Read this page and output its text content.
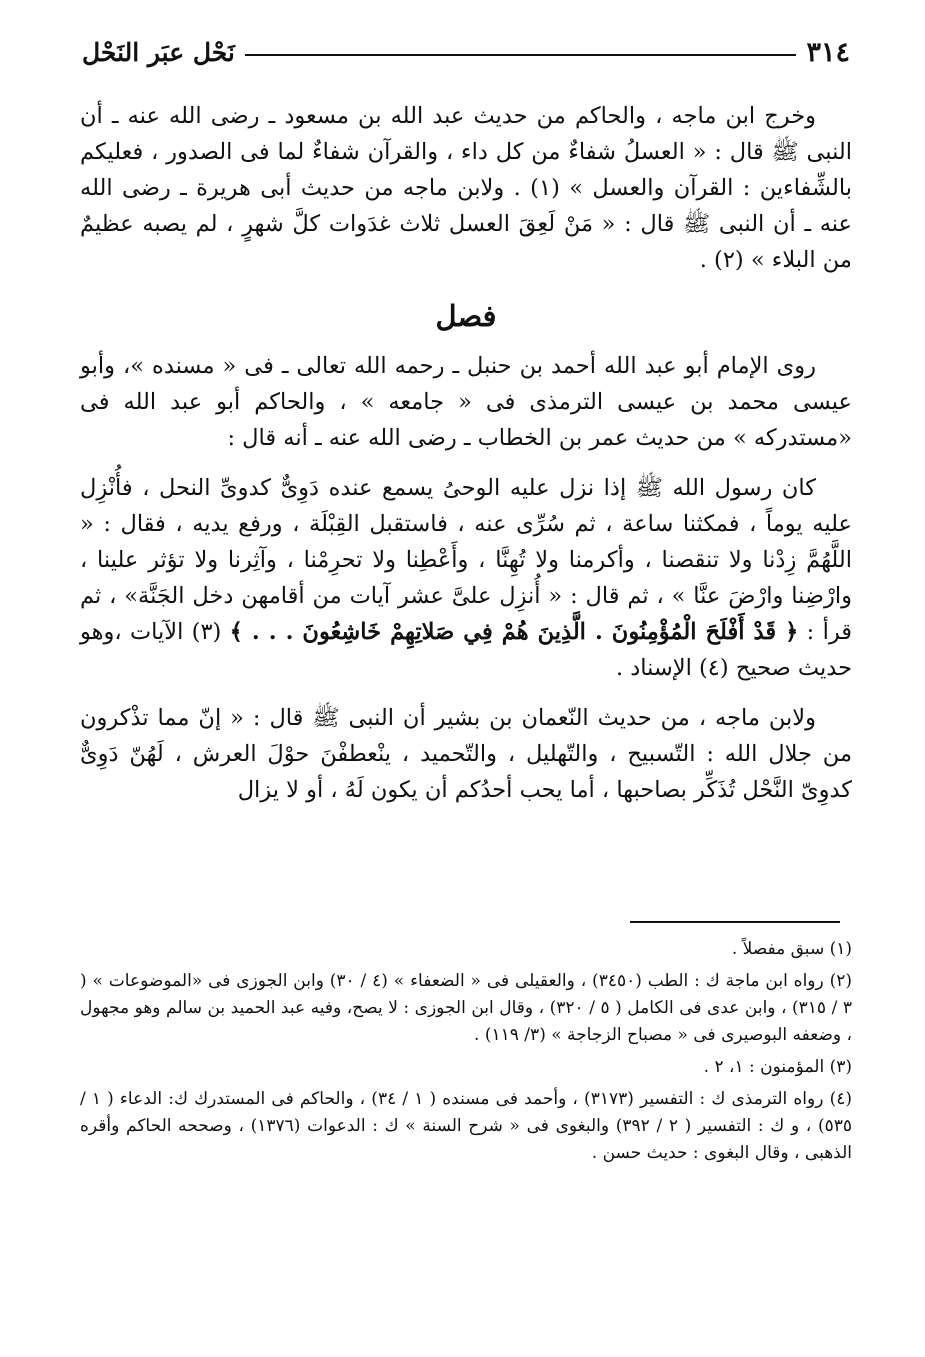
٣١٤
نَحْل عبَر النَحْل

وخرج ابن ماجه ، والحاكم من حديث عبد الله بن مسعود ـ رضى الله عنه ـ أن النبى ﷺ قال : « العسلُ شفاءٌ من كل داء ، والقرآن شفاءٌ لما فى الصدور ، فعليكم بالشِّفاءين : القرآن والعسل » (١) . ولابن ماجه من حديث أبى هريرة ـ رضى الله عنه ـ أن النبى ﷺ قال : « مَنْ لَعِقَ العسل ثلاث غدَوات كلَّ شهرٍ ، لم يصبه عظيمٌ من البلاء » (٢) .

فصل

روى الإمام أبو عبد الله أحمد بن حنبل ـ رحمه الله تعالى ـ فى « مسنده »، وأبو عيسى محمد بن عيسى الترمذى فى « جامعه » ، والحاكم أبو عبد الله فى «مستدركه » من حديث عمر بن الخطاب ـ رضى الله عنه ـ أنه قال :

كان رسول الله ﷺ إذا نزل عليه الوحىُ يسمع عنده دَوِىٌّ كدوىِّ النحل ، فأُنْزِل عليه يوماً ، فمكثنا ساعة ، ثم سُرِّى عنه ، فاستقبل القِبْلَة ، ورفع يديه ، فقال : « اللَّهُمَّ زِدْنا ولا تنقصنا ، وأكرمنا ولا تُهِنَّا ، وأَعْطِنا ولا تحرِمْنا ، وآثِرنا ولا تؤثر علينا ، وارْضِنا وارْضَ عنَّا » ، ثم قال : « أُنزِل علىَّ عشر آيات من أقامهن دخل الجَنَّة» ، ثم قرأ : ﴿ قَدْ أَفْلَحَ الْمُؤْمِنُونَ . الَّذِينَ هُمْ فِي صَلاتِهِمْ خَاشِعُونَ . . . ﴾ (٣) الآيات ،وهو حديث صحيح (٤) الإسناد .

ولابن ماجه ، من حديث النّعمان بن بشير أن النبى ﷺ قال : « إنّ مما تذْكرون من جلال الله : التّسبيح ، والتّهليل ، والتّحميد ، ينْعطفْنَ حوْلَ العرش ، لَهُنّ دَوِىٌّ كدوِىّ النَّحْل تُذَكِّر بصاحبها ، أما يحب أحدُكم أن يكون لَهُ ، أو لا يزال

(١) سبق مفصلاً .

(٢) رواه ابن ماجة ك : الطب (٣٤٥٠) ، والعقيلى فى « الضعفاء » (٤ / ٣٠) وابن الجوزى فى «الموضوعات » ( ٣ / ٣١٥) ، وابن عدى فى الكامل ( ٥ / ٣٢٠) ، وقال ابن الجوزى : لا يصح، وفيه عبد الحميد بن سالم وهو مجهول ، وضعفه البوصيرى فى « مصباح الزجاجة » (٣/ ١١٩) .

(٣) المؤمنون : ١، ٢ .

(٤) رواه الترمذى ك : التفسير (٣١٧٣) ، وأحمد فى مسنده ( ١ / ٣٤) ، والحاكم فى المستدرك ك: الدعاء ( ١ / ٥٣٥) ، و ك : التفسير ( ٢ / ٣٩٢) والبغوى فى « شرح السنة » ك : الدعوات (١٣٧٦) ، وصححه الحاكم وأقره الذهبى ، وقال البغوى : حديث حسن .
